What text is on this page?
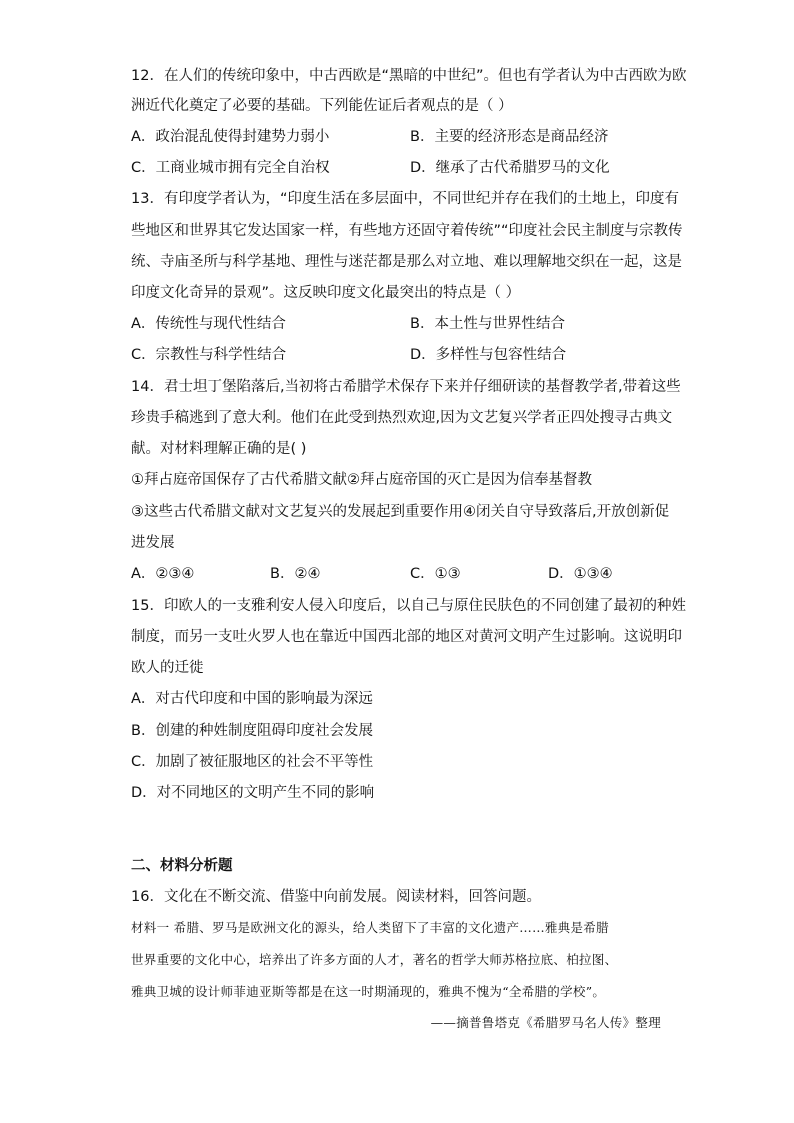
12．在人们的传统印象中，中古西欧是“黑暗的中世纪”。但也有学者认为中古西欧为欧
洲近代化奠定了必要的基础。下列能佐证后者观点的是（ ）
A．政治混乱使得封建势力弱小	B．主要的经济形态是商品经济
C．工商业城市拥有完全自治权	D．继承了古代希腊罗马的文化
13．有印度学者认为，“印度生活在多层面中，不同世纪并存在我们的土地上，印度有
些地区和世界其它发达国家一样，有些地方还固守着传统”“印度社会民主制度与宗教传
统、寺庙圣所与科学基地、理性与迷茫都是那么对立地、难以理解地交织在一起，这是
印度文化奇异的景观”。这反映印度文化最突出的特点是（ ）
A．传统性与现代性结合	B．本土性与世界性结合
C．宗教性与科学性结合	D．多样性与包容性结合
14．君士坦丁堡陷落后,当初将古希腊学术保存下来并仔细研读的基督教学者,带着这些
珍贵手稿逃到了意大利。他们在此受到热烈欢迎,因为文艺复兴学者正四处搜寻古典文
献。对材料理解正确的是( )
①拜占庭帝国保存了古代希腊文献②拜占庭帝国的灭亡是因为信奉基督教
③这些古代希腊文献对文艺复兴的发展起到重要作用④闭关自守导致落后,开放创新促
进发展
A．②③④	B．②④	C．①③	D．①③④
15．印欧人的一支雅利安人侵入印度后，以自己与原住民肤色的不同创建了最初的种姓
制度，而另一支吐火罗人也在靠近中国西北部的地区对黄河文明产生过影响。这说明印
欧人的迁徙
A．对古代印度和中国的影响最为深远
B．创建的种姓制度阻碍印度社会发展
C．加剧了被征服地区的社会不平等性
D．对不同地区的文明产生不同的影响
二、材料分析题
16．文化在不断交流、借鉴中向前发展。阅读材料，回答问题。
材料一 希腊、罗马是欧洲文化的源头，给人类留下了丰富的文化遗产……雅典是希腊
世界重要的文化中心，培养出了许多方面的人才，著名的哲学大师苏格拉底、柏拉图、
雅典卫城的设计师菲迪亚斯等都是在这一时期涌现的，雅典不愧为“全希腊的学校”。
——摘普鲁塔克《希腊罗马名人传》整理
